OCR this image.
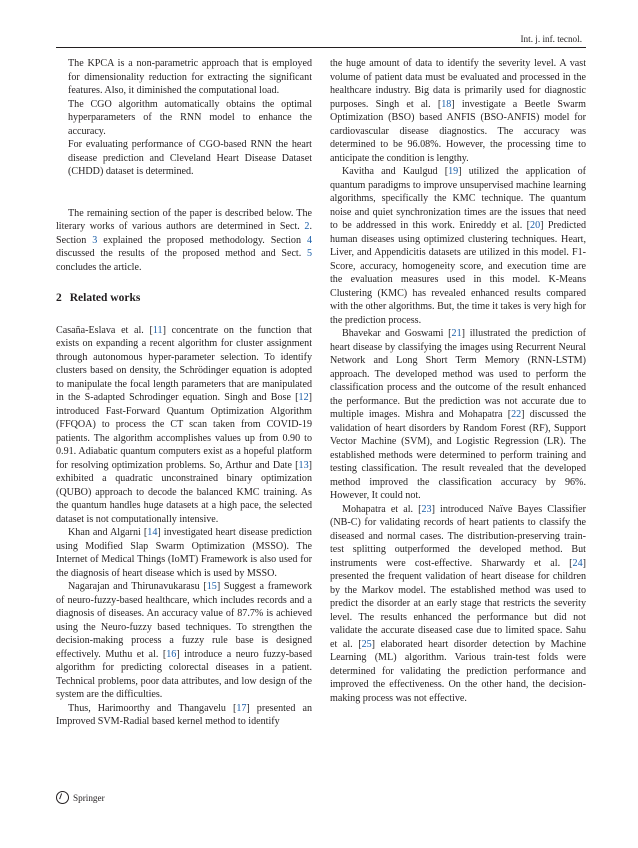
Int. j. inf. tecnol.
The KPCA is a non-parametric approach that is employed for dimensionality reduction for extracting the significant features. Also, it diminished the computational load.
The CGO algorithm automatically obtains the optimal hyperparameters of the RNN model to enhance the accuracy.
For evaluating performance of CGO-based RNN the heart disease prediction and Cleveland Heart Disease Dataset (CHDD) dataset is determined.

The remaining section of the paper is described below. The literary works of various authors are determined in Sect. 2. Section 3 explained the proposed methodology. Section 4 discussed the results of the proposed method and Sect. 5 concludes the article.

2 Related works

Casaña-Eslava et al. [11] concentrate on the function that exists on expanding a recent algorithm for cluster assignment through autonomous hyper-parameter selection. To identify clusters based on density, the Schrödinger equation is adopted to manipulate the focal length parameters that are manipulated in the S-adapted Schrodinger equation. Singh and Bose [12] introduced Fast-Forward Quantum Optimization Algorithm (FFQOA) to process the CT scan taken from COVID-19 patients. The algorithm accomplishes values up from 0.90 to 0.91. Adiabatic quantum computers exist as a hopeful platform for resolving optimization problems. So, Arthur and Date [13] exhibited a quadratic unconstrained binary optimization (QUBO) approach to decode the balanced KMC training. As the quantum handles huge datasets at a high pace, the selected dataset is not computationally intensive.

Khan and Algarni [14] investigated heart disease prediction using Modified Slap Swarm Optimization (MSSO). The Internet of Medical Things (IoMT) Framework is also used for the diagnosis of heart disease which is used by MSSO.

Nagarajan and Thirunavukarasu [15] Suggest a framework of neuro-fuzzy-based healthcare, which includes records and a diagnosis of diseases. An accuracy value of 87.7% is achieved using the Neuro-fuzzy based techniques. To strengthen the decision-making process a fuzzy rule base is designed effectively. Muthu et al. [16] introduce a neuro fuzzy-based algorithm for predicting colorectal diseases in a patient. Technical problems, poor data attributes, and low design of the system are the difficulties.

Thus, Harimoorthy and Thangavelu [17] presented an Improved SVM-Radial based kernel method to identify

the huge amount of data to identify the severity level. A vast volume of patient data must be evaluated and processed in the healthcare industry. Big data is primarily used for diagnostic purposes. Singh et al. [18] investigate a Beetle Swarm Optimization (BSO) based ANFIS (BSO-ANFIS) model for cardiovascular disease diagnostics. The accuracy was determined to be 96.08%. However, the processing time to anticipate the condition is lengthy.

Kavitha and Kaulgud [19] utilized the application of quantum paradigms to improve unsupervised machine learning algorithms, specifically the KMC technique. The quantum noise and quiet synchronization times are the issues that need to be addressed in this work. Enireddy et al. [20] Predicted human diseases using optimized clustering techniques. Heart, Liver, and Appendicitis datasets are utilized in this model. F1-Score, accuracy, homogeneity score, and execution time are the evaluation measures used in this model. K-Means Clustering (KMC) has revealed enhanced results compared with the other algorithms. But, the time it takes is very high for the prediction process.

Bhavekar and Goswami [21] illustrated the prediction of heart disease by classifying the images using Recurrent Neural Network and Long Short Term Memory (RNN-LSTM) approach. The developed method was used to perform the classification process and the outcome of the result enhanced the performance. But the prediction was not accurate due to multiple images. Mishra and Mohapatra [22] discussed the validation of heart disorders by Random Forest (RF), Support Vector Machine (SVM), and Logistic Regression (LR). The established methods were determined to perform training and testing classification. The result revealed that the developed method improved the classification accuracy by 96%. However, It could not.

Mohapatra et al. [23] introduced Naïve Bayes Classifier (NB-C) for validating records of heart patients to classify the diseased and normal cases. The distribution-preserving train-test splitting outperformed the developed method. But instruments were cost-effective. Sharwardy et al. [24] presented the frequent validation of heart disease for children by the Markov model. The established method was used to predict the disorder at an early stage that restricts the severity level. The results enhanced the performance but did not validate the accurate diseased case due to limited space. Sahu et al. [25] elaborated heart disorder detection by Machine Learning (ML) algorithm. Various train-test folds were determined for validating the prediction performance and improved the effectiveness. On the other hand, the decision-making process was not effective.

Springer
